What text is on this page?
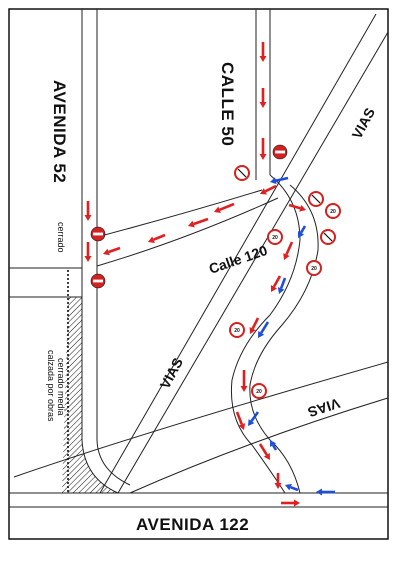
AVENIDA 52	CALLE 50
Calle 120
AVENIDA 122
VIAS
VIAS
VIAS
cerrado
cerrado media
calzada por obras
20
20
20
20
20
